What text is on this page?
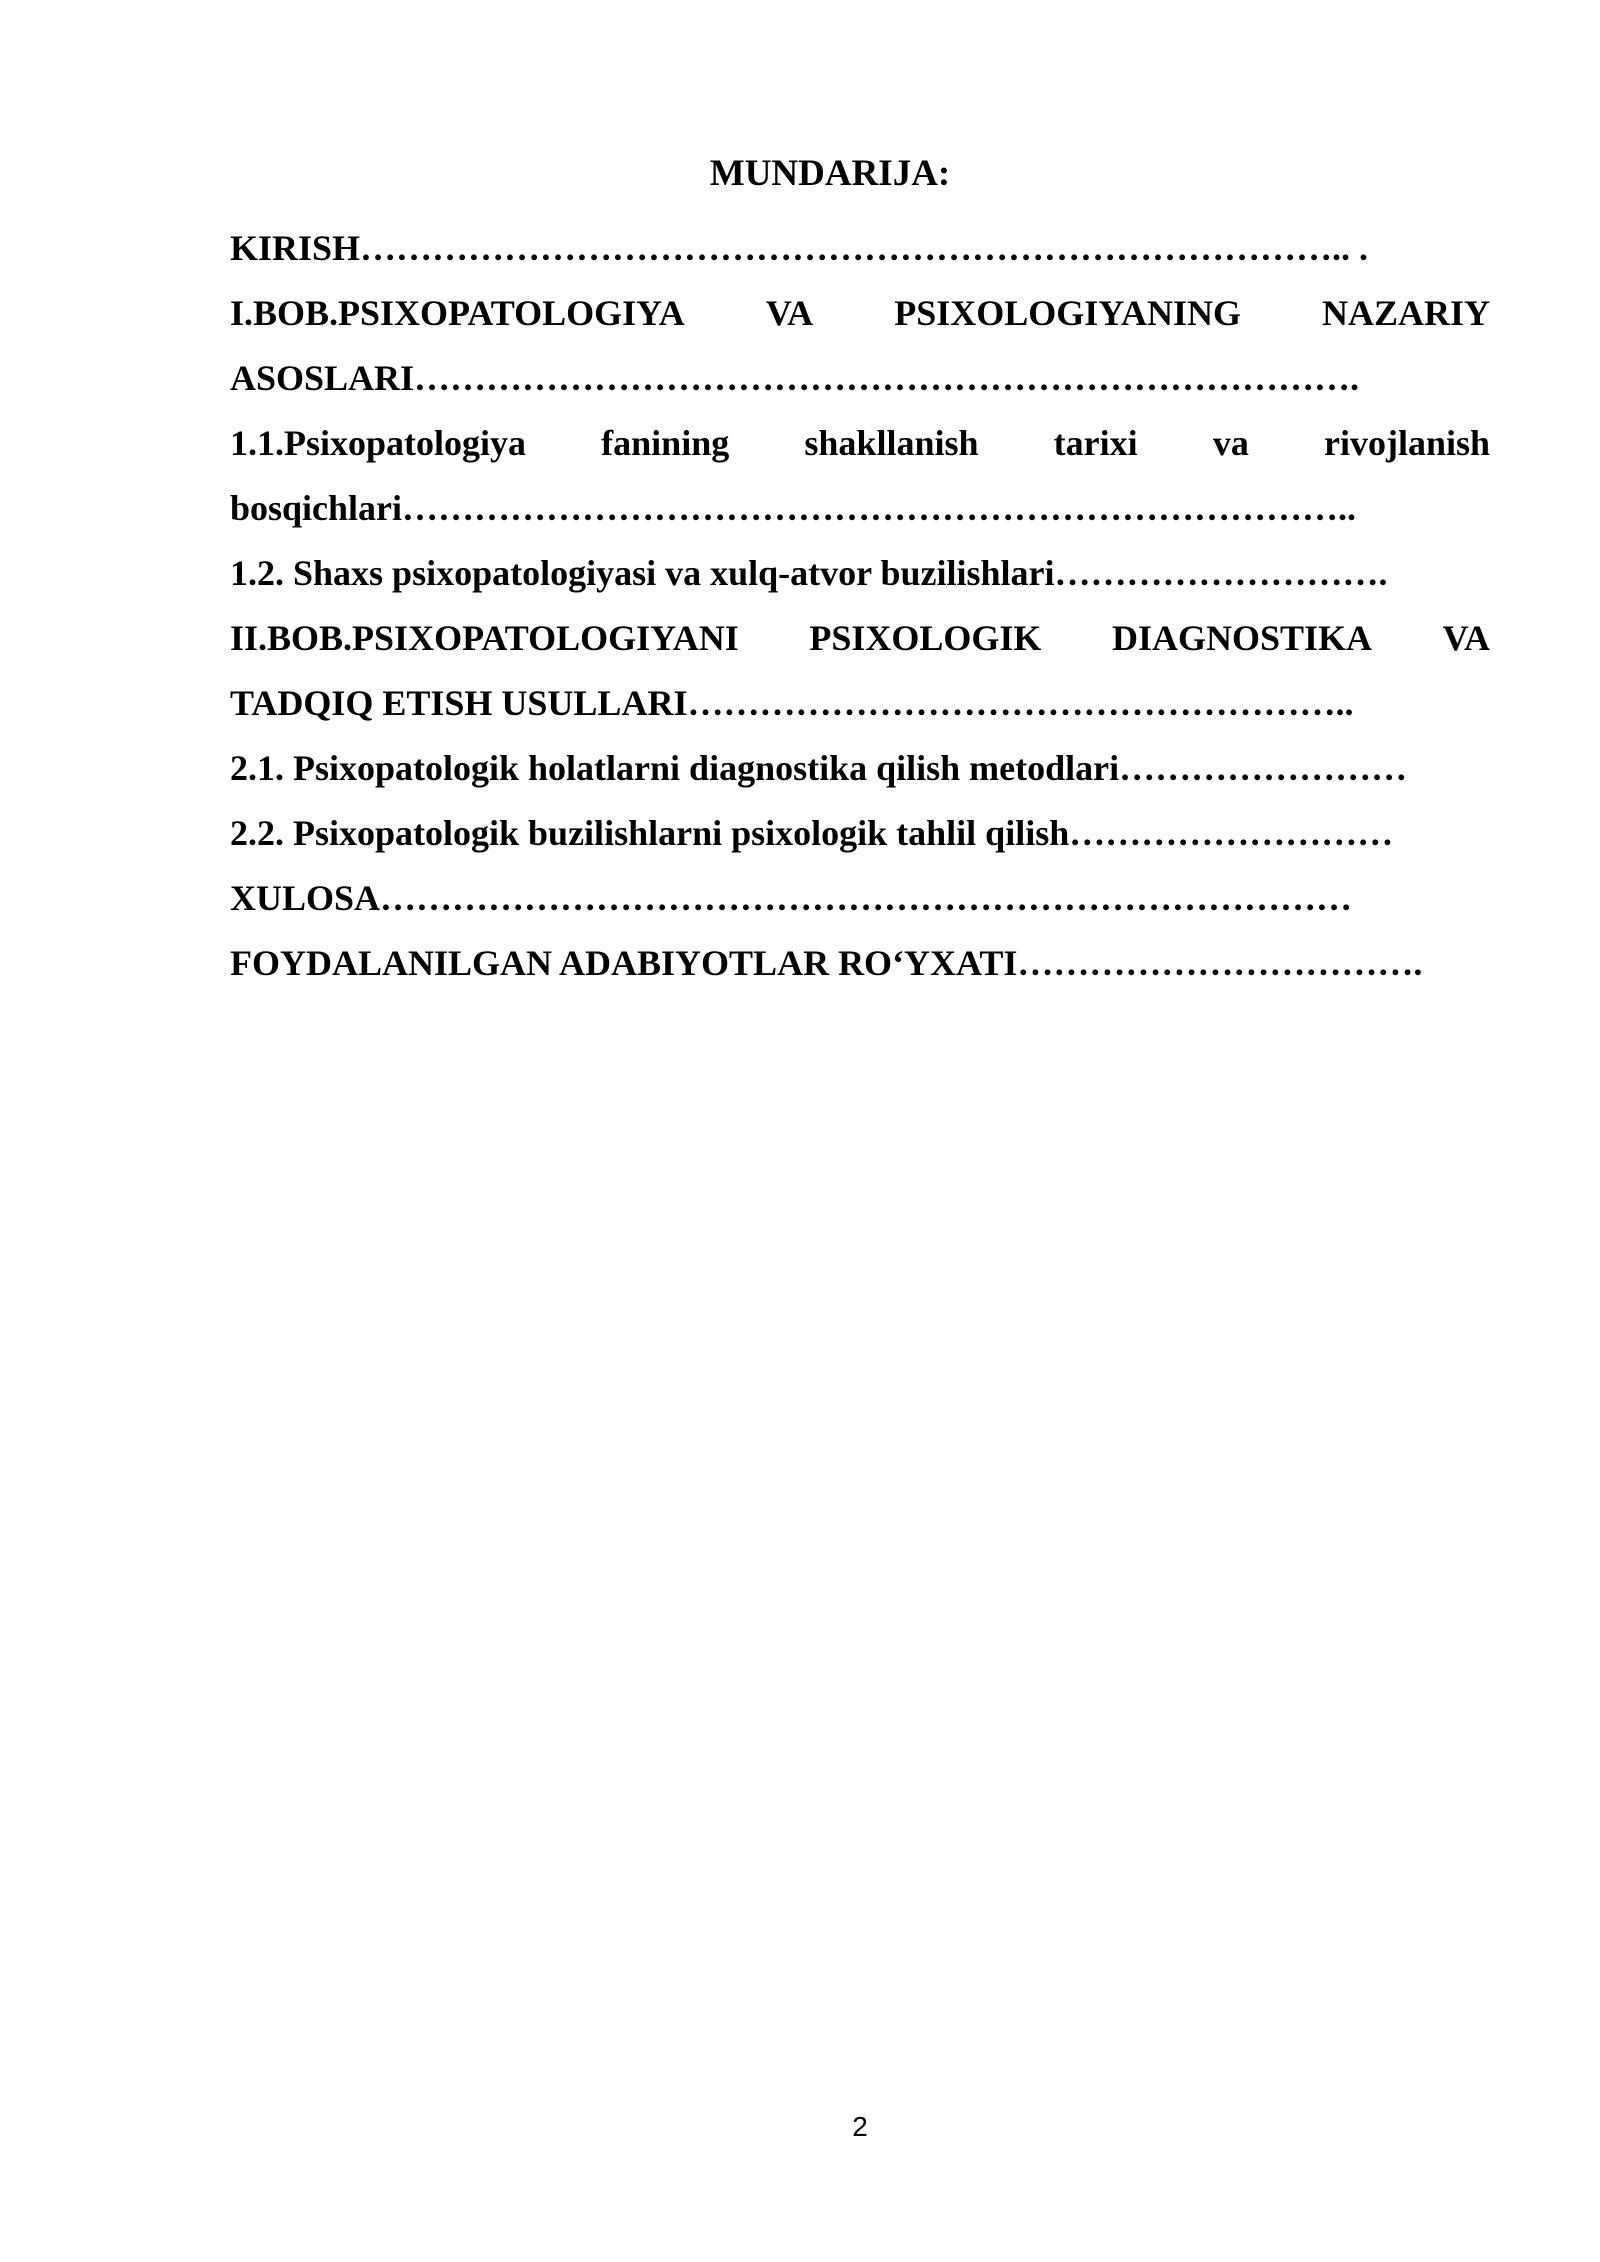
MUNDARIJA:
KIRISH……………………………………………………………………….. .
I.BOB.PSIXOPATOLOGIYA VA PSIXOLOGIYANING NAZARIY
ASOSLARI…………………………………………………………………….
1.1.Psixopatologiya fanining shakllanish tarixi va rivojlanish
bosqichlari……………………………………………………………………..
1.2. Shaxs psixopatologiyasi va xulq-atvor buzilishlari……………………….
II.BOB.PSIXOPATOLOGIYANI PSIXOLOGIK DIAGNOSTIKA VA
TADQIQ ETISH USULLARI………………………………………………..
2.1. Psixopatologik holatlarni diagnostika qilish metodlari……………………
2.2. Psixopatologik buzilishlarni psixologik tahlil qilish………………………
XULOSA………………………………………………………………………
FOYDALANILGAN ADABIYOTLAR RO‘YXATI…………………………….
2
